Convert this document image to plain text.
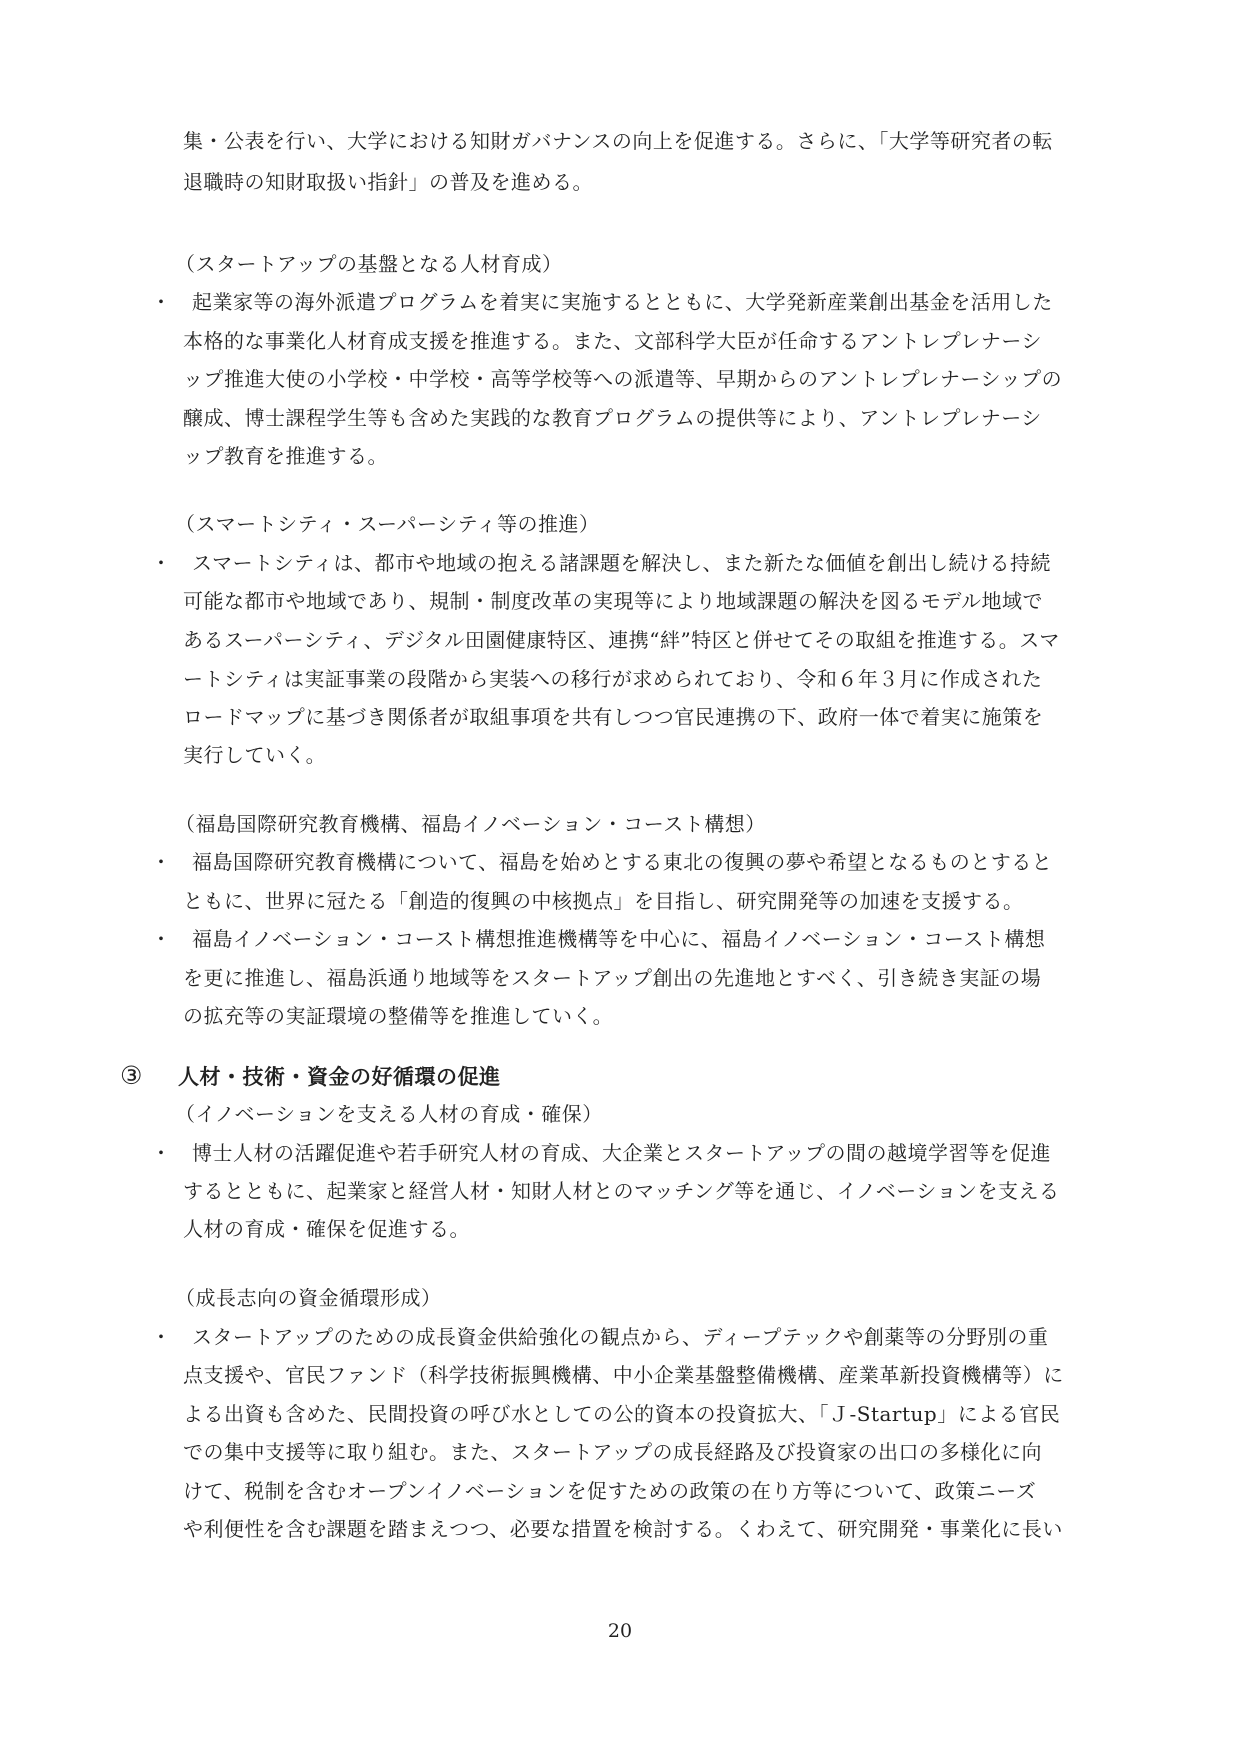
集・公表を行い、大学における知財ガバナンスの向上を促進する。さらに、「大学等研究者の転
退職時の知財取扱い指針」の普及を進める。
（スタートアップの基盤となる人材育成）
・ 起業家等の海外派遣プログラムを着実に実施するとともに、大学発新産業創出基金を活用した
本格的な事業化人材育成支援を推進する。また、文部科学大臣が任命するアントレプレナーシ
ップ推進大使の小学校・中学校・高等学校等への派遣等、早期からのアントレプレナーシップの
醸成、博士課程学生等も含めた実践的な教育プログラムの提供等により、アントレプレナーシ
ップ教育を推進する。
（スマートシティ・スーパーシティ等の推進）
・ スマートシティは、都市や地域の抱える諸課題を解決し、また新たな価値を創出し続ける持続
可能な都市や地域であり、規制・制度改革の実現等により地域課題の解決を図るモデル地域で
あるスーパーシティ、デジタル田園健康特区、連携“絆”特区と併せてその取組を推進する。スマ
ートシティは実証事業の段階から実装への移行が求められており、令和６年３月に作成された
ロードマップに基づき関係者が取組事項を共有しつつ官民連携の下、政府一体で着実に施策を
実行していく。
（福島国際研究教育機構、福島イノベーション・コースト構想）
・ 福島国際研究教育機構について、福島を始めとする東北の復興の夢や希望となるものとすると
ともに、世界に冠たる「創造的復興の中核拠点」を目指し、研究開発等の加速を支援する。
・ 福島イノベーション・コースト構想推進機構等を中心に、福島イノベーション・コースト構想
を更に推進し、福島浜通り地域等をスタートアップ創出の先進地とすべく、引き続き実証の場
の拡充等の実証環境の整備等を推進していく。
③ 人材・技術・資金の好循環の促進
（イノベーションを支える人材の育成・確保）
・ 博士人材の活躍促進や若手研究人材の育成、大企業とスタートアップの間の越境学習等を促進
するとともに、起業家と経営人材・知財人材とのマッチング等を通じ、イノベーションを支える
人材の育成・確保を促進する。
（成長志向の資金循環形成）
・ スタートアップのための成長資金供給強化の観点から、ディープテックや創薬等の分野別の重
点支援や、官民ファンド（科学技術振興機構、中小企業基盤整備機構、産業革新投資機構等）に
よる出資も含めた、民間投資の呼び水としての公的資本の投資拡大、「Ｊ-Startup」による官民
での集中支援等に取り組む。また、スタートアップの成長経路及び投資家の出口の多様化に向
けて、税制を含むオープンイノベーションを促すための政策の在り方等について、政策ニーズ
や利便性を含む課題を踏まえつつ、必要な措置を検討する。くわえて、研究開発・事業化に長い
20
